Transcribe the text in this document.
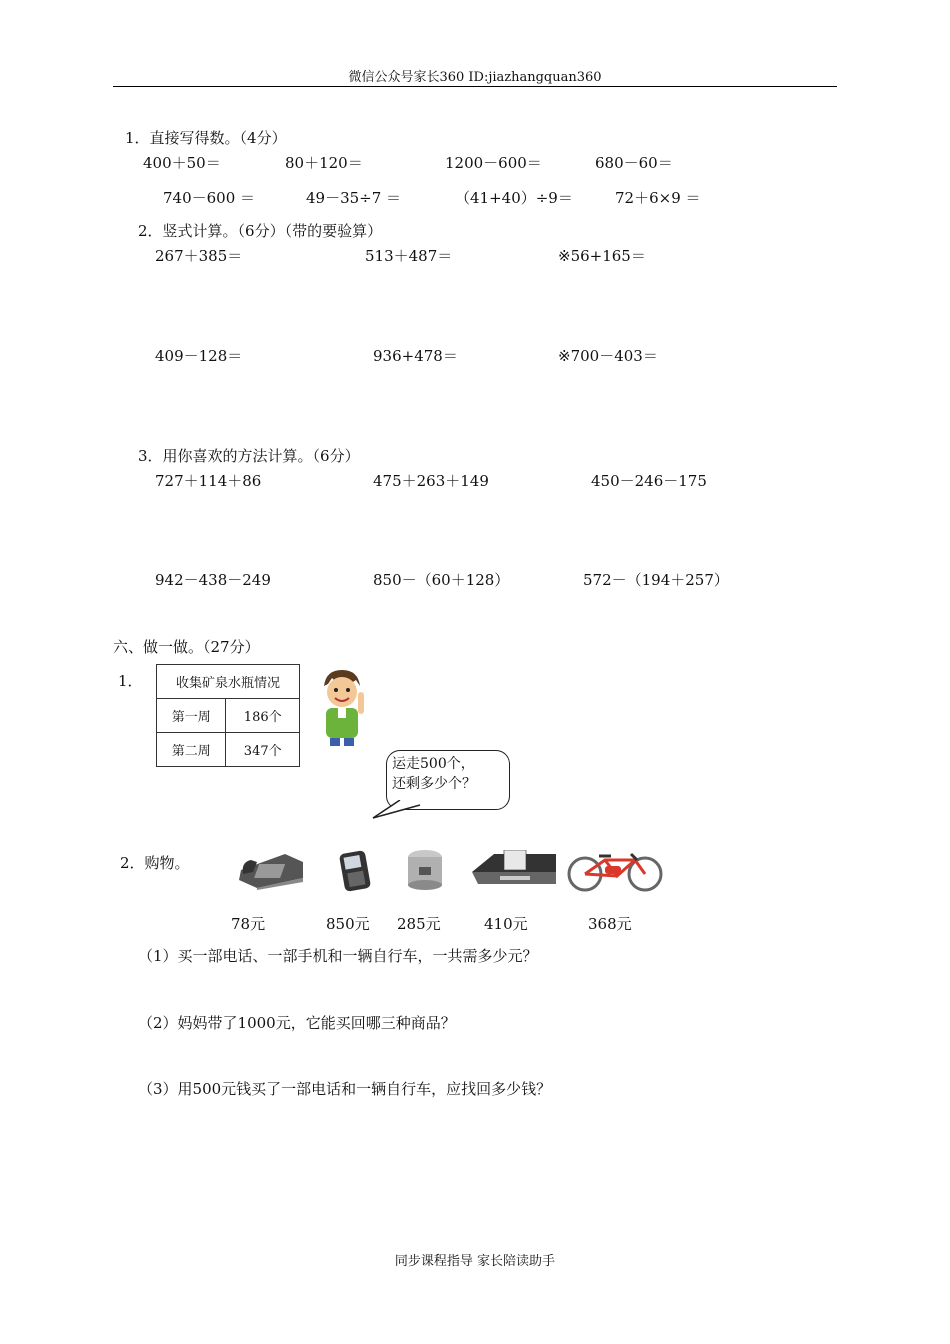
微信公众号家长360 ID:jiazhangquan360
1．直接写得数。（4分）
400＋50＝	80＋120＝	1200－600＝	680－60＝
740－600 ＝	49－35÷7 ＝	（41+40）÷9＝	72＋6×9 ＝
2．竖式计算。（6分）（带的要验算）
267＋385＝	513＋487＝	※56+165＝
409－128＝	936+478＝	※700－403＝
3．用你喜欢的方法计算。（6分）
727＋114＋86	475＋263＋149	450－246－175
942－438－249	850－（60＋128）	572－（194＋257）
六、做一做。（27分）
1．	收集矿泉水瓶情况	
第一周	186个
第二周	347个
运走500个，
还剩多少个？
2．购物。
78元	850元 285元	410元	368元
（1）买一部电话、一部手机和一辆自行车，一共需多少元？
（2）妈妈带了1000元，它能买回哪三种商品？
（3）用500元钱买了一部电话和一辆自行车，应找回多少钱？
同步课程指导 家长陪读助手
